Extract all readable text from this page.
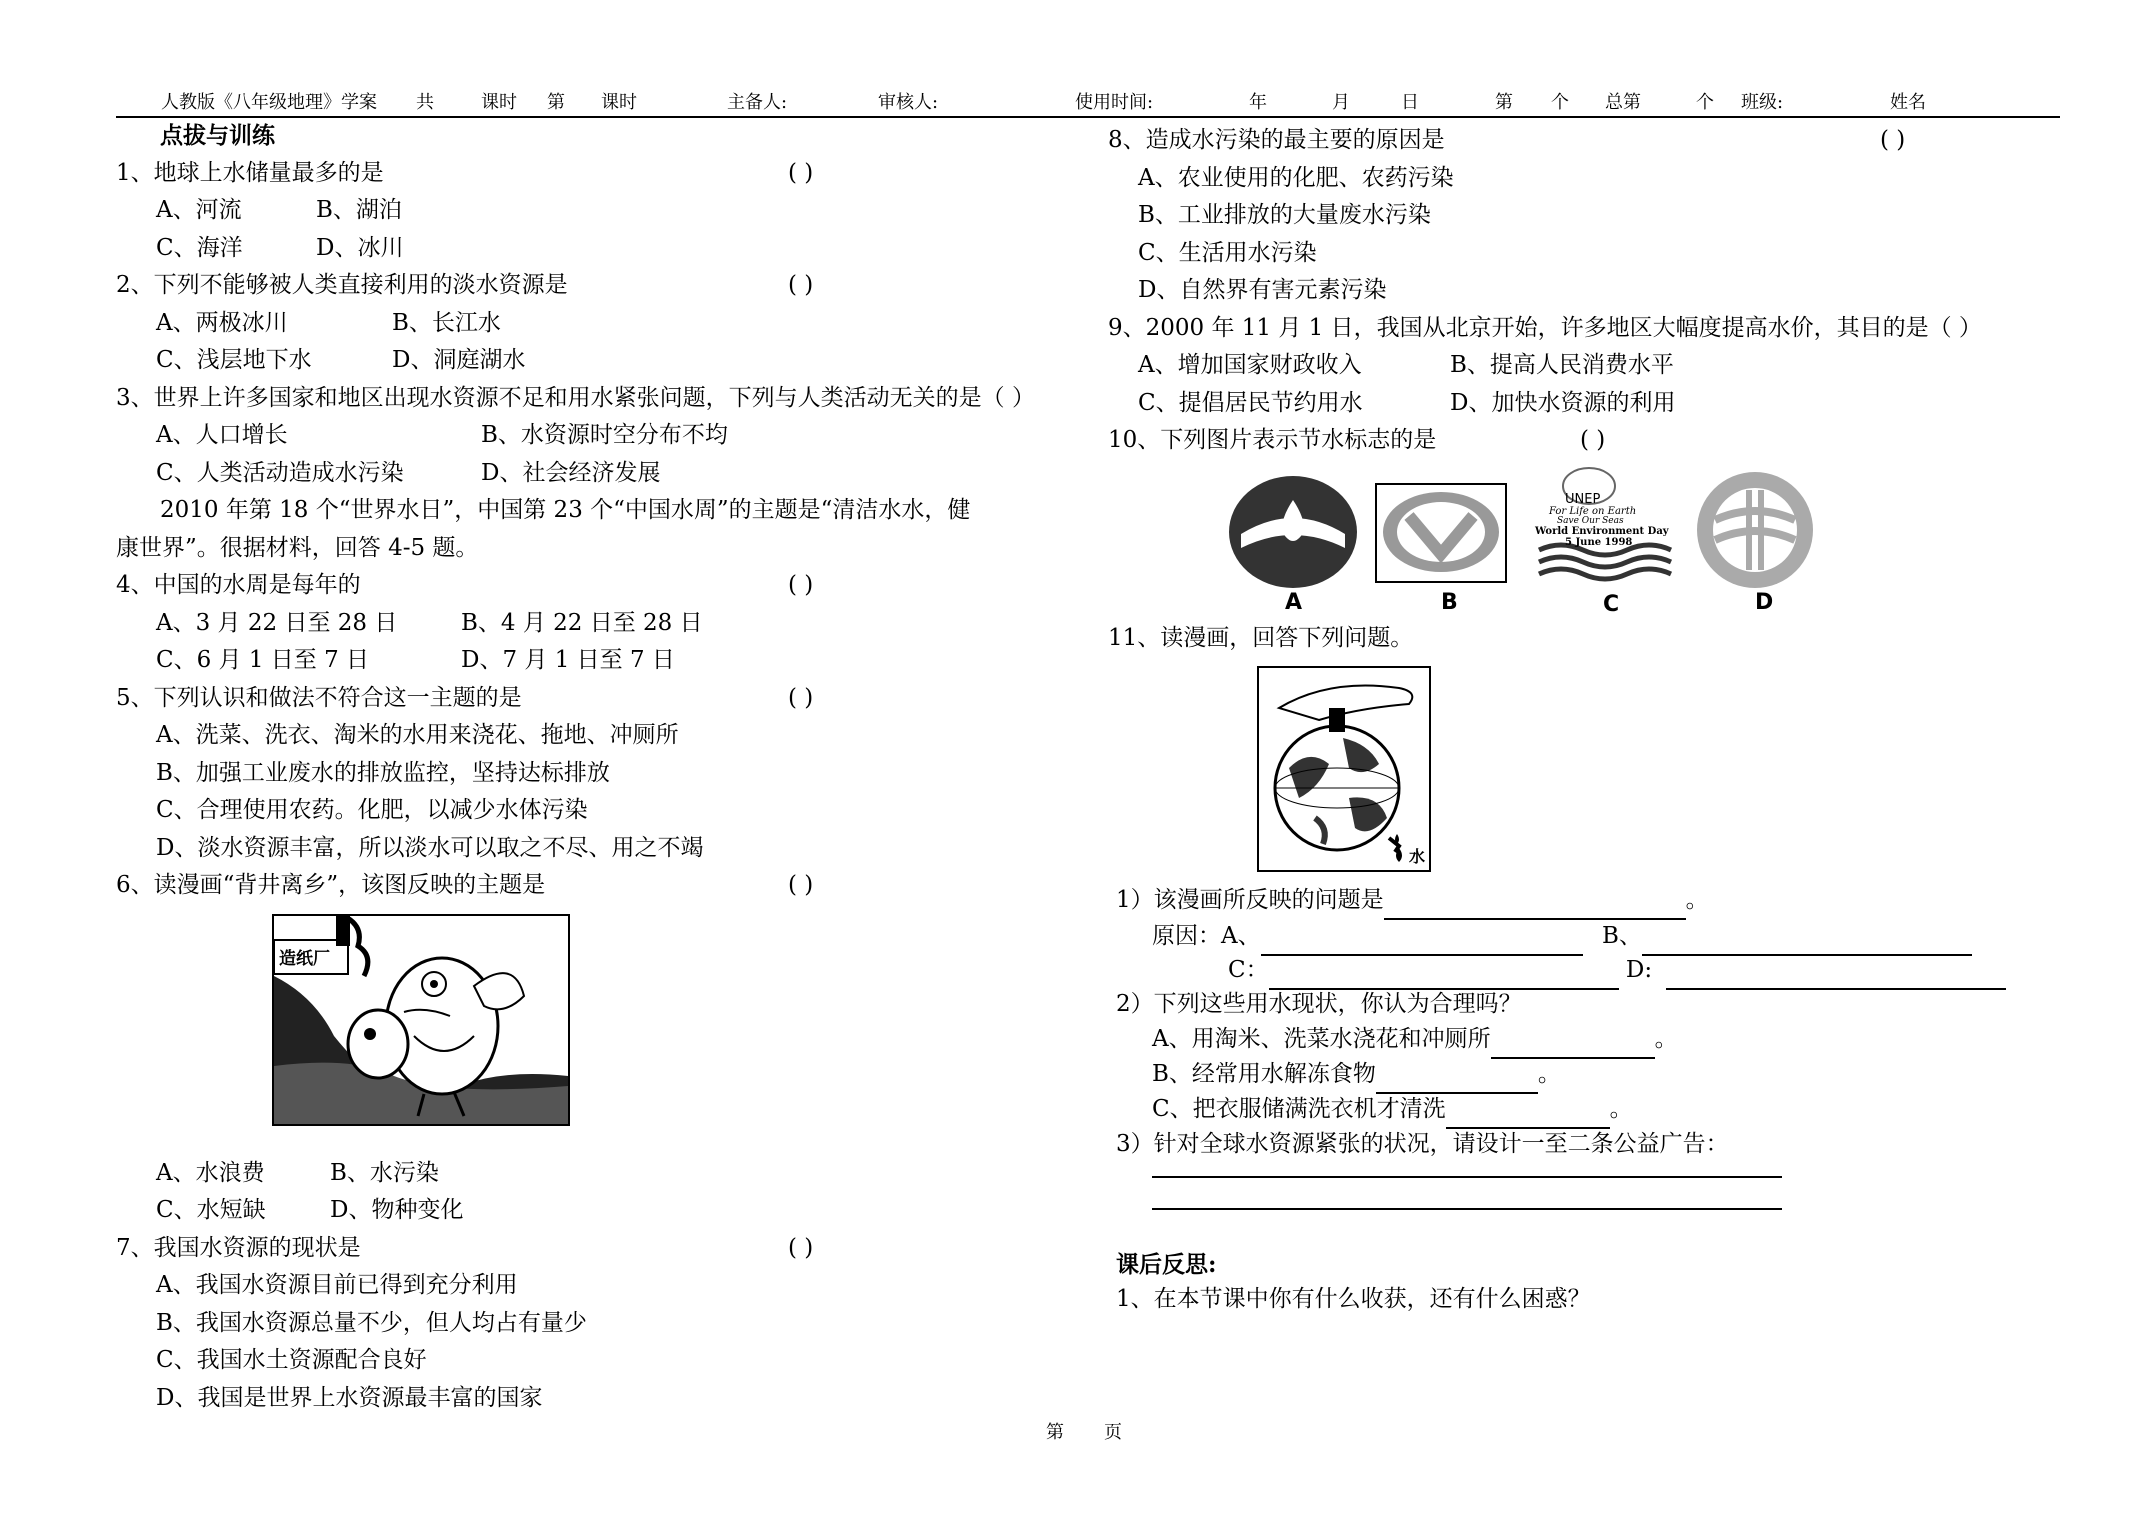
人教版《八年级地理》学案 共	课时 第 课时	主备人:	审核人:	使用时间:	年	月	日	第 个 总第	个 班级:	姓名
点拔与训练
1、地球上水储量最多的是	( )
A、河流	B、湖泊
C、海洋	D、冰川
2、下列不能够被人类直接利用的淡水资源是	( )
A、两极冰川	B、长江水
C、浅层地下水	D、洞庭湖水
3、世界上许多国家和地区出现水资源不足和用水紧张问题，下列与人类活动无关的是（ ）
A、人口增长	B、水资源时空分布不均
C、人类活动造成水污染	D、社会经济发展
2010 年第 18 个“世界水日”，中国第 23 个“中国水周”的主题是“清洁水水，健
康世界”。很据材料，回答 4-5 题。
4、中国的水周是每年的	( )
A、3 月 22 日至 28 日	B、4 月 22 日至 28 日
C、6 月 1 日至 7 日	D、7 月 1 日至 7 日
5、下列认识和做法不符合这一主题的是	( )
A、洗菜、洗衣、淘米的水用来浇花、拖地、冲厕所
B、加强工业废水的排放监控，坚持达标排放
C、合理使用农药。化肥，以减少水体污染
D、淡水资源丰富，所以淡水可以取之不尽、用之不竭
6、读漫画“背井离乡”，该图反映的主题是	( )
A、水浪费	B、水污染
C、水短缺	D、物种变化
7、我国水资源的现状是	( )
A、我国水资源目前已得到充分利用
B、我国水资源总量不少，但人均占有量少
C、我国水土资源配合良好
D、我国是世界上水资源最丰富的国家
造纸厂
8、造成水污染的最主要的原因是	( )
A、农业使用的化肥、农药污染
B、工业排放的大量废水污染
C、生活用水污染
D、自然界有害元素污染
9、2000 年 11 月 1 日，我国从北京开始，许多地区大幅度提高水价，其目的是（ ）
A、增加国家财政收入	B、提高人民消费水平
C、提倡居民节约用水	D、加快水资源的利用
10、下列图片表示节水标志的是	( )
UNEP
For Life on Earth
Save Our Seas
World Environment Day
5 June 1998
A	B	C	D
11、读漫画，回答下列问题。
水
1）该漫画所反映的问题是	。
原因：A、	B、
C：	D:
2）下列这些用水现状，你认为合理吗？
A、用淘米、洗菜水浇花和冲厕所	。
B、经常用水解冻食物	。
C、把衣服储满洗衣机才清洗	。
3）针对全球水资源紧张的状况，请设计一至二条公益广告：
课后反思:
1、在本节课中你有什么收获，还有什么困惑？
第 页
